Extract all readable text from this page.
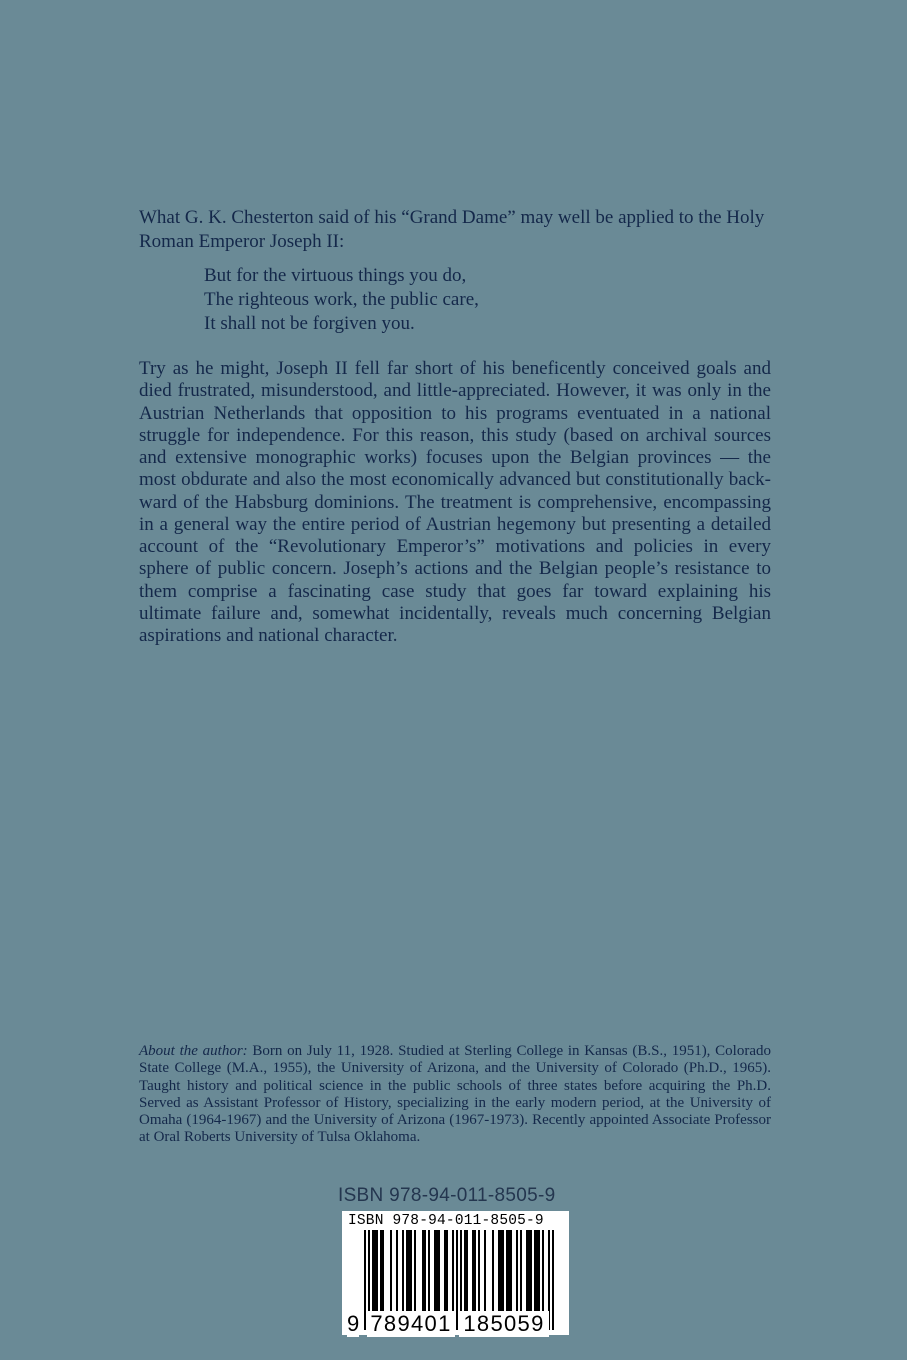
What G. K. Chesterton said of his “Grand Dame” may well be applied to the Holy Roman Emperor Joseph II:

But for the virtuous things you do,
The righteous work, the public care,
It shall not be forgiven you.

Try as he might, Joseph II fell far short of his beneficently conceived goals and died frustrated, misunderstood, and little-appreciated. However, it was only in the Austrian Netherlands that opposition to his programs eventuated in a national struggle for independence. For this reason, this study (based on archival sources and extensive monographic works) focuses upon the Belgian provinces — the most obdurate and also the most economically advanced but constitutionally backward of the Habsburg dominions. The treatment is comprehensive, encompassing in a general way the entire period of Austrian hegemony but presenting a detailed account of the “Revolutionary Emperor’s” motivations and policies in every sphere of public concern. Joseph’s actions and the Belgian people’s resistance to them comprise a fascinating case study that goes far toward explaining his ultimate failure and, somewhat incidentally, reveals much concerning Belgian aspirations and national character.

About the author: Born on July 11, 1928. Studied at Sterling College in Kansas (B.S., 1951), Colorado State College (M.A., 1955), the University of Arizona, and the University of Colorado (Ph.D., 1965). Taught history and political science in the public schools of three states before acquiring the Ph.D. Served as Assistant Professor of History, specializing in the early modern period, at the University of Omaha (1964-1967) and the University of Arizona (1967-1973). Recently appointed Associate Professor at Oral Roberts University of Tulsa Oklahoma.

ISBN 978-94-011-8505-9
ISBN 978-94-011-8505-9
9 789401 185059
